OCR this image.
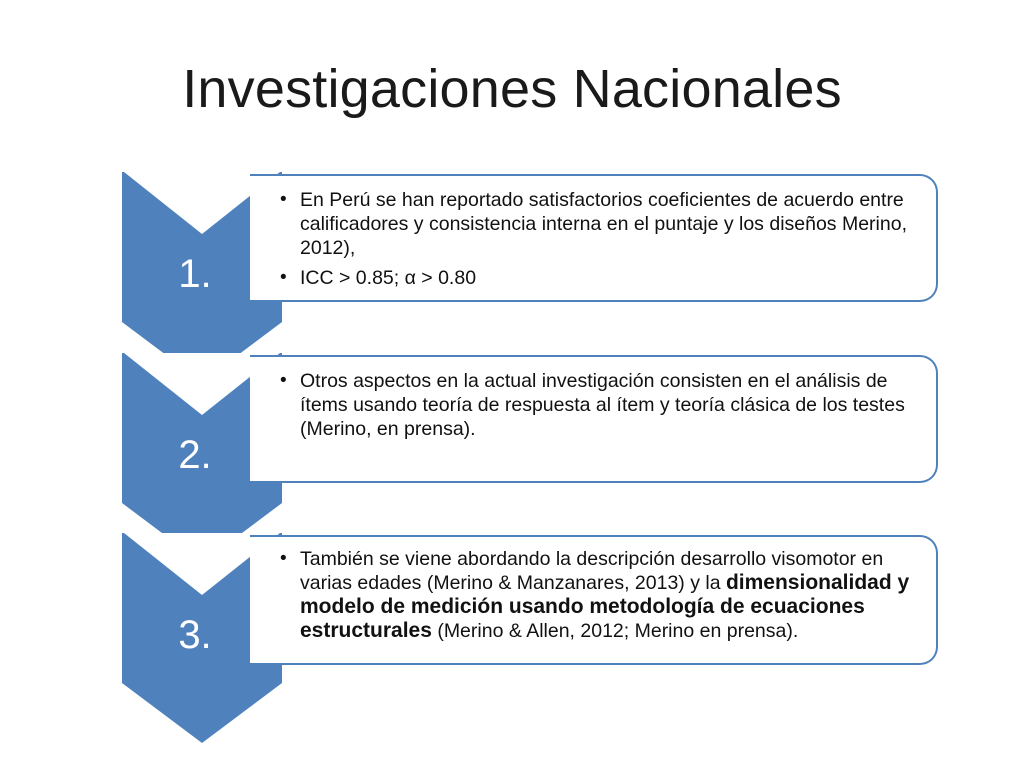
Investigaciones Nacionales
1.
• En Perú se han reportado satisfactorios coeficientes de acuerdo entre calificadores y consistencia interna en el puntaje y los diseños Merino, 2012),
• ICC > 0.85; α > 0.80
2.
• Otros aspectos en la actual investigación consisten en el análisis de ítems usando teoría de respuesta al ítem y teoría clásica de los testes (Merino, en prensa).
3.
• También se viene abordando la descripción desarrollo visomotor en varias edades (Merino & Manzanares, 2013) y la dimensionalidad y modelo de medición usando metodología de ecuaciones estructurales (Merino & Allen, 2012; Merino en prensa).
